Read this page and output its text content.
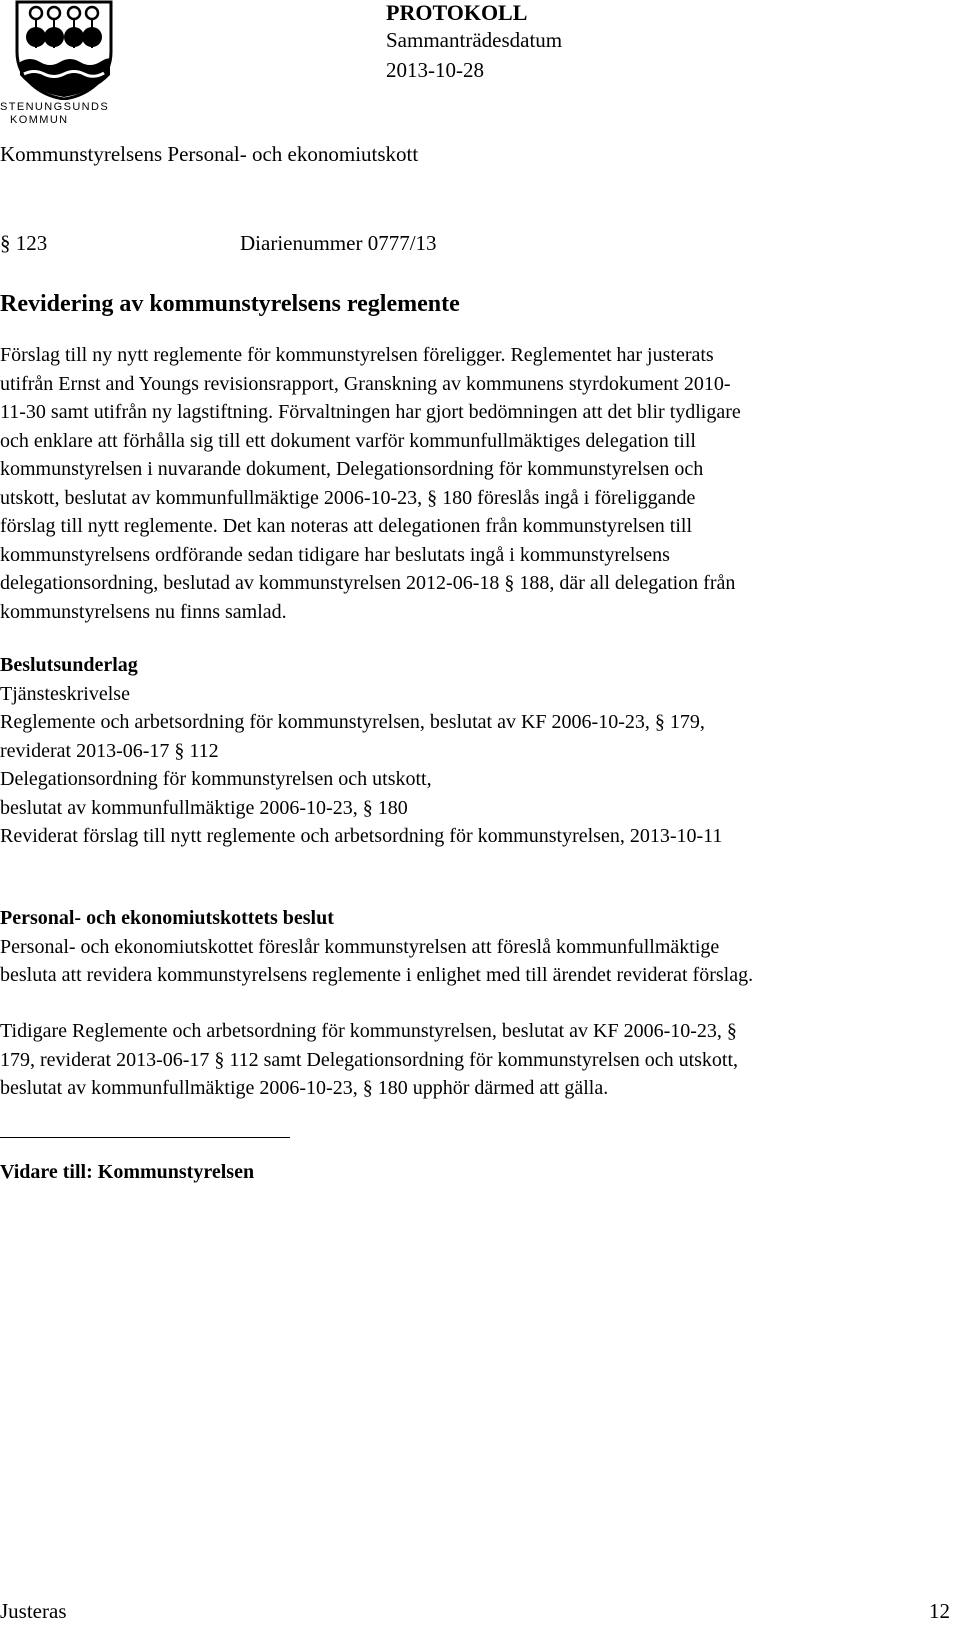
STENUNGSUNDS
KOMMUN
PROTOKOLL
Sammanträdesdatum
2013-10-28
Kommunstyrelsens Personal- och ekonomiutskott
§ 123	Diarienummer 0777/13
Revidering av kommunstyrelsens reglemente

Förslag till ny nytt reglemente för kommunstyrelsen föreligger. Reglementet har justerats

utifrån Ernst and Youngs revisionsrapport, Granskning av kommunens styrdokument 2010-

11-30 samt utifrån ny lagstiftning. Förvaltningen har gjort bedömningen att det blir tydligare

och enklare att förhålla sig till ett dokument varför kommunfullmäktiges delegation till

kommunstyrelsen i nuvarande dokument, Delegationsordning för kommunstyrelsen och

utskott, beslutat av kommunfullmäktige 2006-10-23, § 180 föreslås ingå i föreliggande

förslag till nytt reglemente. Det kan noteras att delegationen från kommunstyrelsen till

kommunstyrelsens ordförande sedan tidigare har beslutats ingå i kommunstyrelsens

delegationsordning, beslutad av kommunstyrelsen 2012-06-18 § 188, där all delegation från

kommunstyrelsens nu finns samlad.

Beslutsunderlag

Tjänsteskrivelse

Reglemente och arbetsordning för kommunstyrelsen, beslutat av KF 2006-10-23, § 179,

reviderat 2013-06-17 § 112

Delegationsordning för kommunstyrelsen och utskott,

beslutat av kommunfullmäktige 2006-10-23, § 180

Reviderat förslag till nytt reglemente och arbetsordning för kommunstyrelsen, 2013-10-11

Personal- och ekonomiutskottets beslut

Personal- och ekonomiutskottet föreslår kommunstyrelsen att föreslå kommunfullmäktige

besluta att revidera kommunstyrelsens reglemente i enlighet med till ärendet reviderat förslag.

Tidigare Reglemente och arbetsordning för kommunstyrelsen, beslutat av KF 2006-10-23, §

179, reviderat 2013-06-17 § 112 samt Delegationsordning för kommunstyrelsen och utskott,

beslutat av kommunfullmäktige 2006-10-23, § 180 upphör därmed att gälla.

Vidare till: Kommunstyrelsen
Justeras	12
